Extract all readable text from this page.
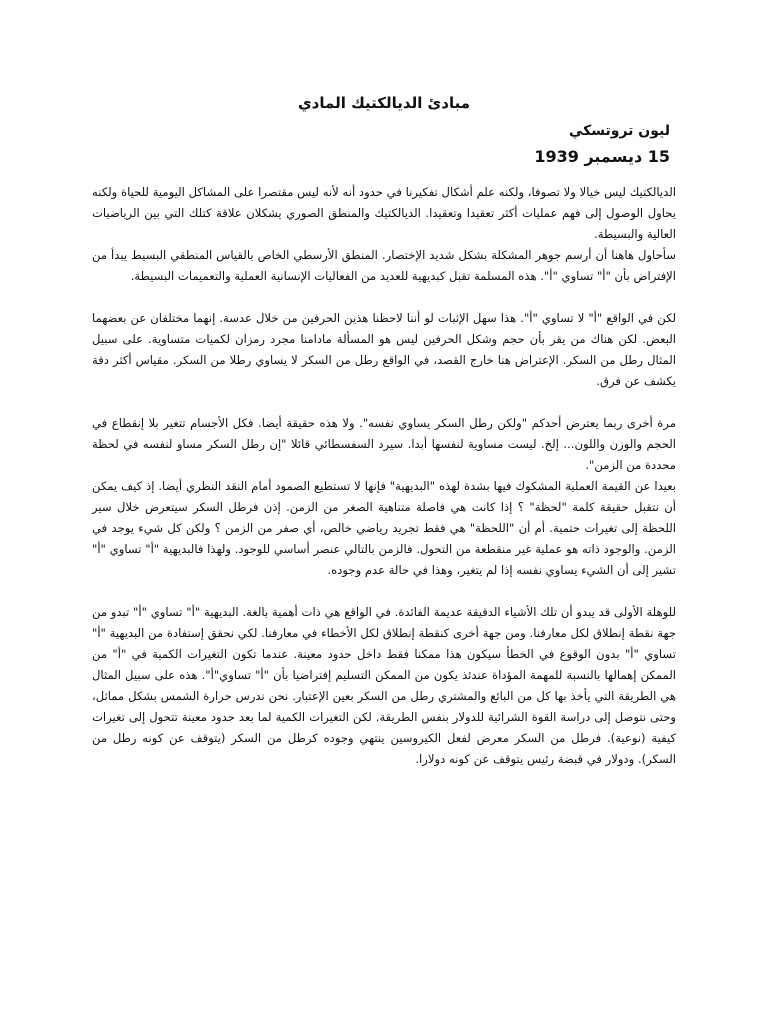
مبادئ الديالكتيك المادي
ليون تروتسكي
15 ديسمبر 1939

الديالكتيك ليس خيالا ولا تصوفا، ولكنه علم أشكال تفكيرنا في حدود أنه لأنه ليس مقتصرا على المشاكل اليومية للحياة ولكنه يحاول الوصول إلى فهم عمليات أكثر تعقيدا وتعقيدا. الديالكتيك والمنطق الصوري يشكلان علاقة كتلك التي بين الرياضيات العالية والبسيطة.

سأحاول هاهنا أن أرسم جوهر المشكلة بشكل شديد الإختصار. المنطق الأرسطي الخاص بالقياس المنطقي البسيط يبدأ من الإفتراض بأن "أ" تساوي "أ". هذه المسلمة تقبل كبديهية للعديد من الفعاليات الإنسانية العملية والتعميمات البسيطة.

لكن في الواقع "أ" لا تساوي "أ". هذا سهل الإثبات لو أننا لاحظنا هذين الحرفين من خلال عدسة. إنهما مختلفان عن بعضهما البعض. لكن هناك من يقر بأن حجم وشكل الحرفين ليس هو المسألة مادامنا مجرد رمزان لكميات متساوية. على سبيل المثال رطل من السكر. الإعتراض هنا خارج القصد، في الواقع رطل من السكر لا يساوي رطلا من السكر. مقياس أكثر دقة يكشف عن فرق.

مرة أخرى ربما يعترض أحدكم "ولكن رطل السكر يساوي نفسه". ولا هذه حقيقة أيضا. فكل الأجسام تتغير بلا إنقطاع في الحجم والوزن واللون... إلخ. ليست مساوية لنفسها أبدا. سيرد السفسطائي قائلا "إن رطل السكر مساو لنفسه في لحظة محددة من الزمن".

بعيدا عن القيمة العملية المشكوك فيها بشدة لهذه "البديهية" فإنها لا تستطيع الصمود أمام النقد النظري أيضا. إذ كيف يمكن أن نتقبل حقيقة كلمة "لحظة" ؟ إذا كانت هي فاصلة متناهية الصغر من الزمن. إذن فرطل السكر سيتعرض خلال سير اللحظة إلى تغيرات حتمية. أم أن "اللحظة" هي فقط تجريد رياضي خالص، أي صفر من الزمن ؟ ولكن كل شيء يوجد في الزمن. والوجود ذاته هو عملية غير منقطعة من التحول. فالزمن بالتالي عنصر أساسي للوجود. ولهذا فالبديهية "أ" تساوي "أ" تشير إلى أن الشيء يساوي نفسه إذا لم يتغير، وهذا في حالة عدم وجوده.

للوهلة الأولى قد يبدو أن تلك الأشياء الدقيقة عديمة الفائدة. في الواقع هي ذات أهمية بالغة. البديهية "أ" تساوي "أ" تبدو من جهة نقطة إنطلاق لكل معارفنا. ومن جهة أخرى كنقطة إنطلاق لكل الأخطاء في معارفنا. لكي نحقق إستفادة من البديهية "أ" تساوي "أ" بدون الوقوع في الخطأ سيكون هذا ممكنا فقط داخل حدود معينة. عندما تكون التغيرات الكمية في "أ" من الممكن إهمالها بالنسبة للمهمة المؤداة عندئذ يكون من الممكن التسليم إفتراضيا بأن "أ" تساوي"أ". هذه على سبيل المثال هي الطريقة التي يأخذ بها كل من البائع والمشتري رطل من السكر بعين الإعتبار. نحن ندرس حرارة الشمس بشكل مماثل، وحتى نتوصل إلى دراسة القوة الشرائية للدولار بنفس الطريقة. لكن التغيرات الكمية لما بعد حدود معينة تتحول إلى تغيرات كيفية (نوعية). فرطل من السكر معرض لفعل الكيروسين ينتهي وجوده كرطل من السكر (يتوقف عن كونه رطل من السكر). ودولار في قبضة رئيس يتوقف عن كونه دولارا.
